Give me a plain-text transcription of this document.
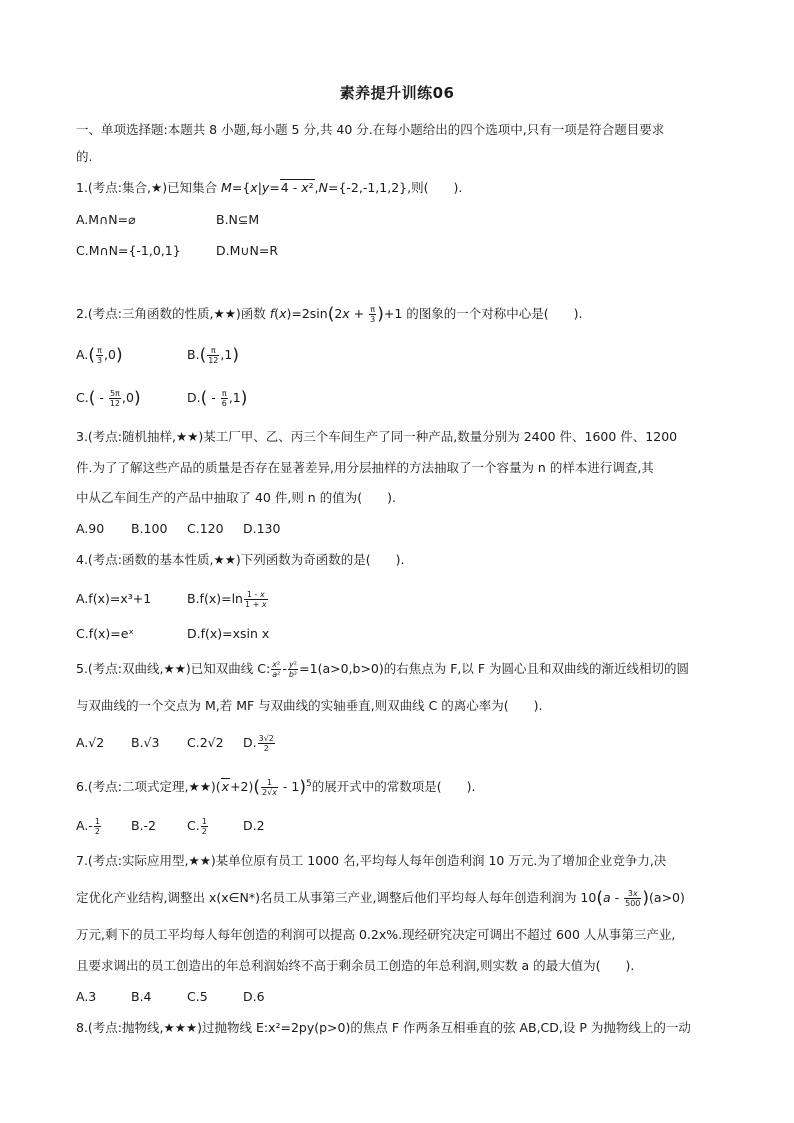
素养提升训练06
一、单项选择题:本题共 8 小题,每小题 5 分,共 40 分.在每小题给出的四个选项中,只有一项是符合题目要求
的.
1.(考点:集合,★)已知集合 M={x|y=4 - x²,N={-2,-1,1,2},则(　　).
A.M∩N=⌀	B.N⊆M
C.M∩N={-1,0,1}	D.M∪N=R
2.(考点:三角函数的性质,★★)函数 $f(x)=2\sin(2x + \frac{\pi}{3} )+1$ 的图象的一个对称中心是(　　).
$A.( \frac{\pi}{3} ,0)$	$B.( \frac{\pi}{12} ,1)$
$C.( - \frac{5\pi}{12} ,0)$	$D.( - \frac{\pi}{6} ,1)$
3.(考点:随机抽样,★★)某工厂甲、乙、丙三个车间生产了同一种产品,数量分别为 2400 件、1600 件、1200
件.为了了解这些产品的质量是否存在显著差异,用分层抽样的方法抽取了一个容量为 n 的样本进行调查,其
中从乙车间生产的产品中抽取了 40 件,则 n 的值为(　　).
A.90 B.100 C.120 D.130
4.(考点:函数的基本性质,★★)下列函数为奇函数的是(　　).
A.f(x)=x³+1	$B.f(x)=\ln \frac{1 - x}{1 + x}$
C.f(x)=eˣ	D.f(x)=xsin x
5.(考点:双曲线,★★)已知双曲线 C: $\frac{\text{x²}}{\text{a²}} - \frac{\text{y²}}{\text{b²}} =1(a>0,b>0)$的右焦点为 F,以 F 为圆心且和双曲线的渐近线相切的圆
与双曲线的一个交点为 M,若 MF 与双曲线的实轴垂直,则双曲线 C 的离心率为(　　).
A.√2 B.√3 C.2√2 D. $\frac{3√2}{2}$
6.(考点:二项式定理,★★)(x+2)( $\frac{1}{2√x} - 1)^5$的展开式中的常数项是(　　).
$A.- \frac{1}{2} B.-2$ C. $\frac{1}{2}$	D.2
7.(考点:实际应用型,★★)某单位原有员工 1000 名,平均每人每年创造利润 10 万元.为了增加企业竞争力,决
定优化产业结构,调整出 x(x∈N*)名员工从事第三产业,调整后他们平均每人每年创造利润为 $10(a - \frac{3x}{500} )(a>0)$
万元,剩下的员工平均每人每年创造的利润可以提高 0.2x%.现经研究决定可调出不超过 600 人从事第三产业,
且要求调出的员工创造出的年总利润始终不高于剩余员工创造的年总利润,则实数 a 的最大值为(　　).
A.3	B.4	C.5	D.6
8.(考点:抛物线,★★★)过抛物线 E:x²=2py(p>0)的焦点 F 作两条互相垂直的弦 AB,CD,设 P 为抛物线上的一动
